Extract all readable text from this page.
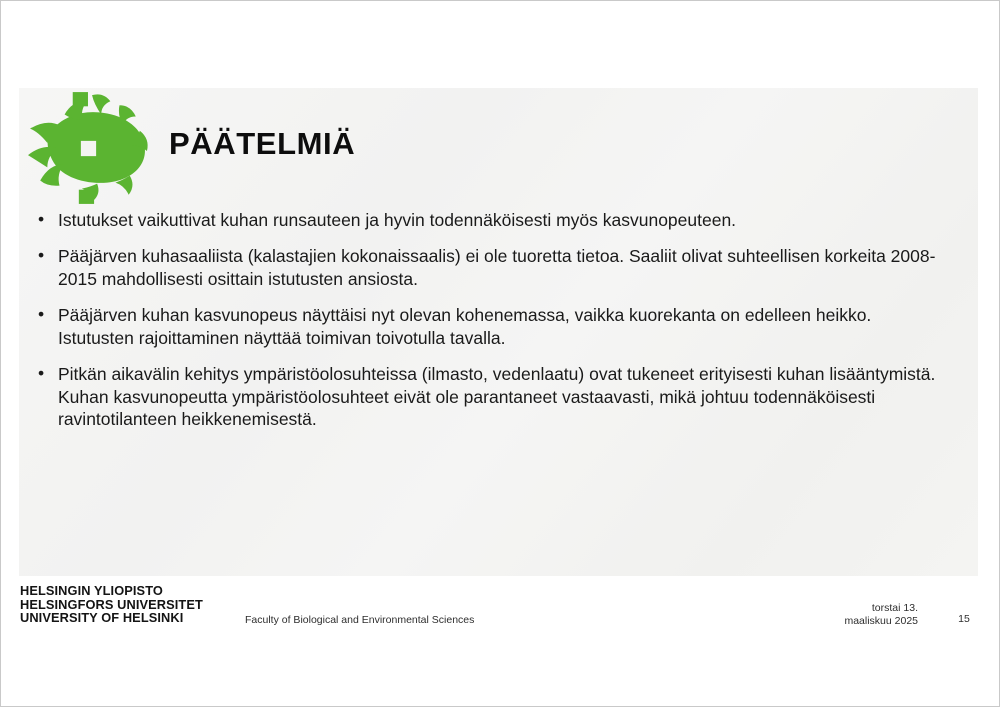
PÄÄTELMIÄ
• Istutukset vaikuttivat kuhan runsauteen ja hyvin todennäköisesti myös kasvunopeuteen.
• Pääjärven kuhasaaliista (kalastajien kokonaissaalis) ei ole tuoretta tietoa. Saaliit olivat suhteellisen korkeita 2008-2015 mahdollisesti osittain istutusten ansiosta.
• Pääjärven kuhan kasvunopeus näyttäisi nyt olevan kohenemassa, vaikka kuorekanta on edelleen heikko. Istutusten rajoittaminen näyttää toimivan toivotulla tavalla.
• Pitkän aikavälin kehitys ympäristöolosuhteissa (ilmasto, vedenlaatu) ovat tukeneet erityisesti kuhan lisääntymistä. Kuhan kasvunopeutta ympäristöolosuhteet eivät ole parantaneet vastaavasti, mikä johtuu todennäköisesti ravintotilanteen heikkenemisestä.
HELSINGIN YLIOPISTO
HELSINGFORS UNIVERSITET
UNIVERSITY OF HELSINKI	Faculty of Biological and Environmental Sciences
torstai 13.
maaliskuu 2025	15
